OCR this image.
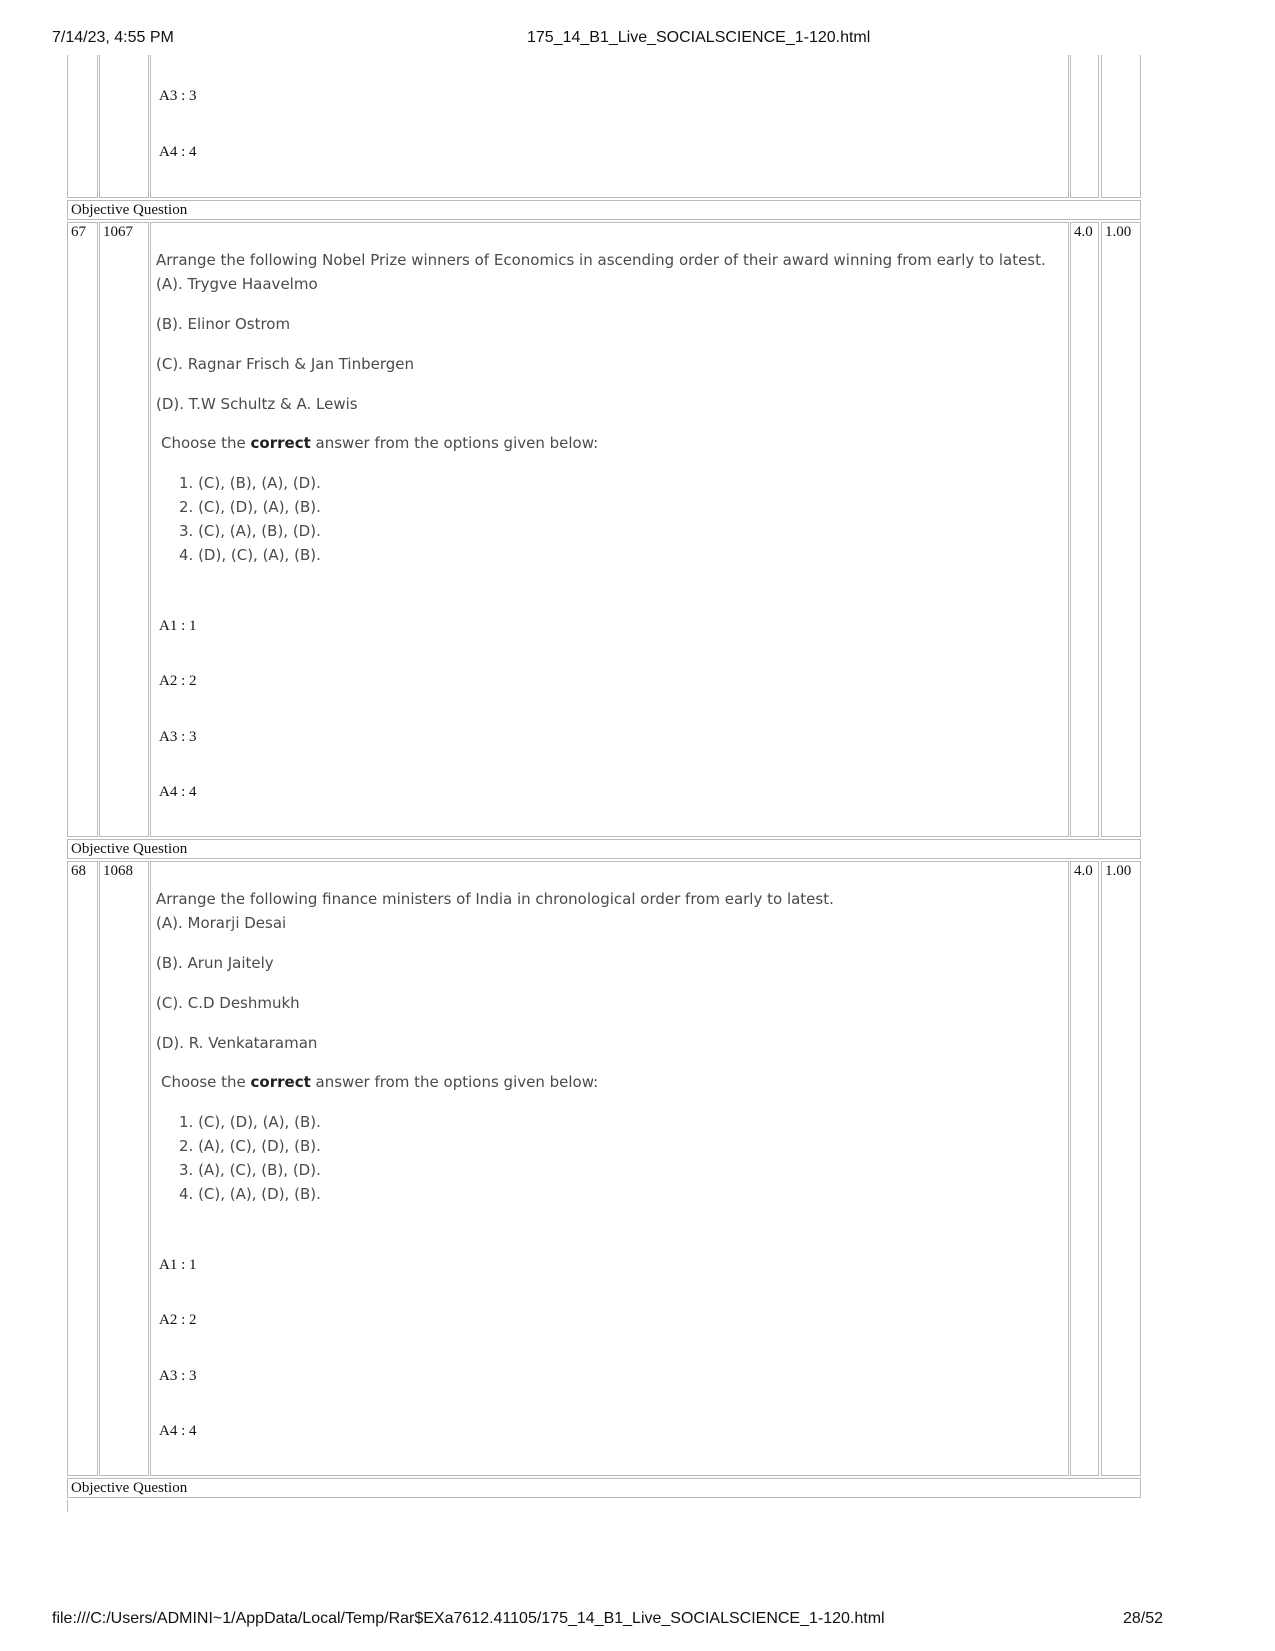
7/14/23, 4:55 PM	175_14_B1_Live_SOCIALSCIENCE_1-120.html
A3 : 3
A4 : 4
Objective Question
67 1067
Arrange the following Nobel Prize winners of Economics in ascending order of their award winning from early to latest.
(A). Trygve Haavelmo
(B). Elinor Ostrom
(C). Ragnar Frisch & Jan Tinbergen
(D). T.W Schultz & A. Lewis
Choose the correct answer from the options given below:
1. (C), (B), (A), (D).
2. (C), (D), (A), (B).
3. (C), (A), (B), (D).
4. (D), (C), (A), (B).
A1 : 1
A2 : 2
A3 : 3
A4 : 4
4.0 1.00
Objective Question
68 1068
Arrange the following finance ministers of India in chronological order from early to latest.
(A). Morarji Desai
(B). Arun Jaitely
(C). C.D Deshmukh
(D). R. Venkataraman
Choose the correct answer from the options given below:
1. (C), (D), (A), (B).
2. (A), (C), (D), (B).
3. (A), (C), (B), (D).
4. (C), (A), (D), (B).
A1 : 1
A2 : 2
A3 : 3
A4 : 4
4.0 1.00
Objective Question
file:///C:/Users/ADMINI~1/AppData/Local/Temp/Rar$EXa7612.41105/175_14_B1_Live_SOCIALSCIENCE_1-120.html	28/52
